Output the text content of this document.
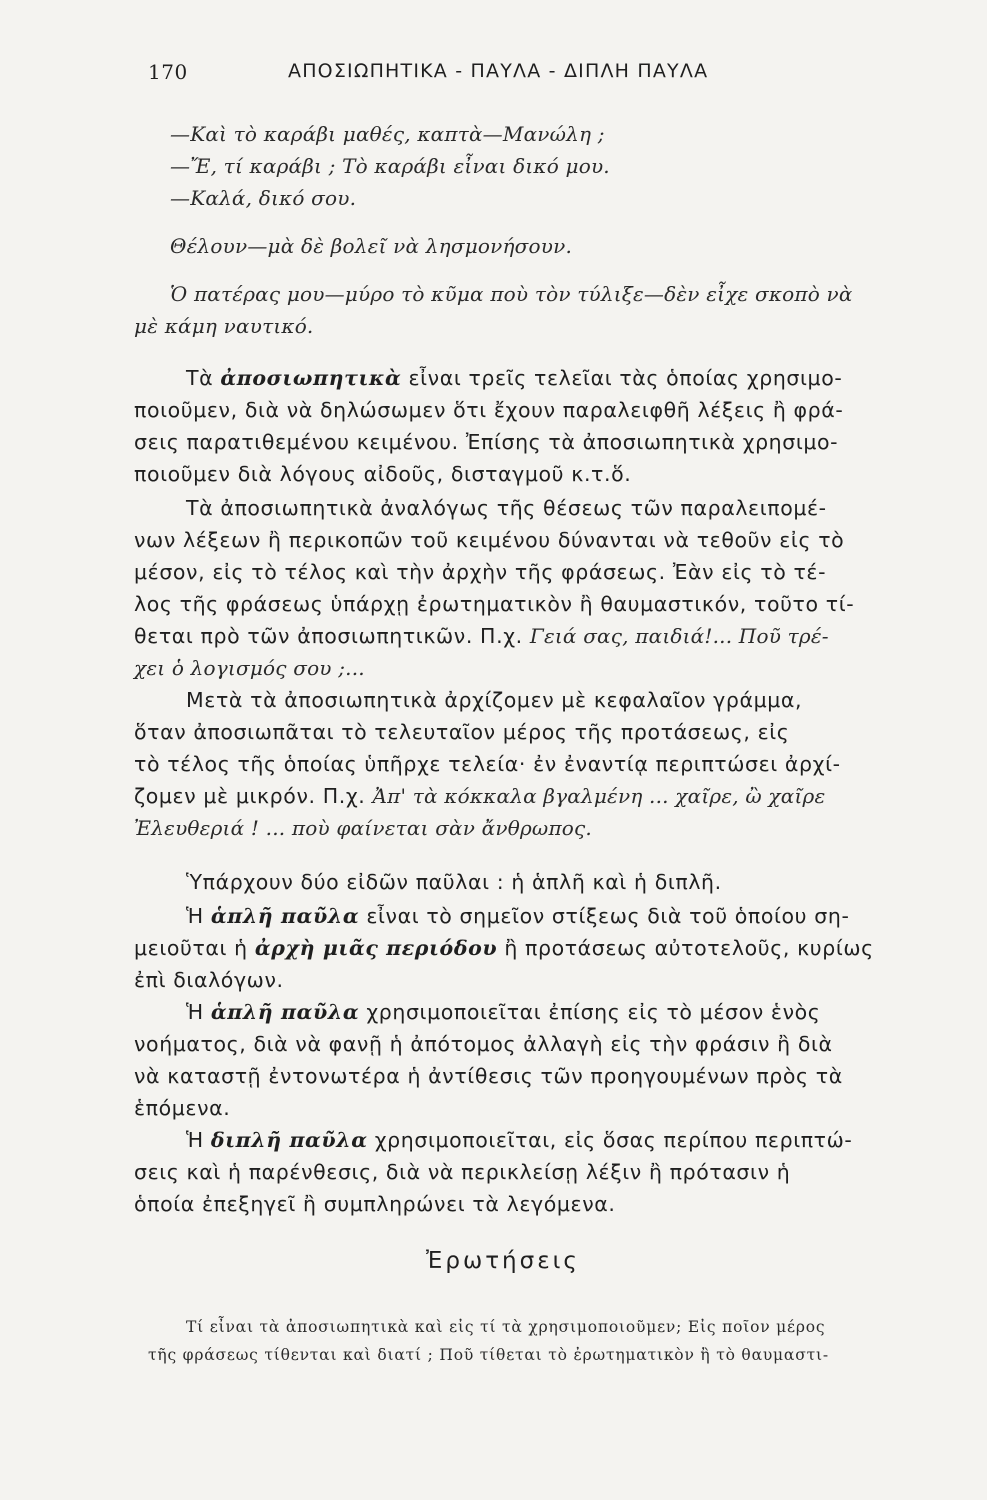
170	ΑΠΟΣΙΩΠΗΤΙΚΑ - ΠΑΥΛΑ - ΔΙΠΛΗ ΠΑΥΛΑ
—Καὶ τὸ καράβι μαθές, καπτὰ—Μανώλη ;
—Ἔ, τί καράβι ; Τὸ καράβι εἶναι δικό μου.
—Καλά, δικό σου.
Θέλουν—μὰ δὲ βολεῖ νὰ λησμονήσουν.
Ὁ πατέρας μου—μύρο τὸ κῦμα ποὺ τὸν τύλιξε—δὲν εἶχε σκοπὸ νὰ
μὲ κάμη ναυτικό.
Τὰ ἀποσιωπητικὰ εἶναι τρεῖς τελεῖαι τὰς ὁποίας χρησιμο-
ποιοῦμεν, διὰ νὰ δηλώσωμεν ὅτι ἔχουν παραλειφθῆ λέξεις ἢ φρά-
σεις παρατιθεμένου κειμένου. Ἐπίσης τὰ ἀποσιωπητικὰ χρησιμο-
ποιοῦμεν διὰ λόγους αἰδοῦς, δισταγμοῦ κ.τ.ὅ.
Τὰ ἀποσιωπητικὰ ἀναλόγως τῆς θέσεως τῶν παραλειπομέ-
νων λέξεων ἢ περικοπῶν τοῦ κειμένου δύνανται νὰ τεθοῦν εἰς τὸ
μέσον, εἰς τὸ τέλος καὶ τὴν ἀρχὴν τῆς φράσεως. Ἐὰν εἰς τὸ τέ-
λος τῆς φράσεως ὑπάρχῃ ἐρωτηματικὸν ἢ θαυμαστικόν, τοῦτο τί-
θεται πρὸ τῶν ἀποσιωπητικῶν. Π.χ. Γειά σας, παιδιά!... Ποῦ τρέ-
χει ὁ λογισμός σου ;...
Μετὰ τὰ ἀποσιωπητικὰ ἀρχίζομεν μὲ κεφαλαῖον γράμμα,
ὅταν ἀποσιωπᾶται τὸ τελευταῖον μέρος τῆς προτάσεως, εἰς
τὸ τέλος τῆς ὁποίας ὑπῆρχε τελεία· ἐν ἐναντίᾳ περιπτώσει ἀρχί-
ζομεν μὲ μικρόν. Π.χ. Ἀπ' τὰ κόκκαλα βγαλμένη ... χαῖρε, ὢ χαῖρε
Ἐλευθεριά ! ... ποὺ φαίνεται σὰν ἄνθρωπος.
Ὑπάρχουν δύο εἰδῶν παῦλαι : ἡ ἁπλῆ καὶ ἡ διπλῆ.
Ἡ ἁπλῆ παῦλα εἶναι τὸ σημεῖον στίξεως διὰ τοῦ ὁποίου ση-
μειοῦται ἡ ἀρχὴ μιᾶς περιόδου ἢ προτάσεως αὐτοτελοῦς, κυρίως
ἐπὶ διαλόγων.
Ἡ ἁπλῆ παῦλα χρησιμοποιεῖται ἐπίσης εἰς τὸ μέσον ἑνὸς
νοήματος, διὰ νὰ φανῇ ἡ ἀπότομος ἀλλαγὴ εἰς τὴν φράσιν ἢ διὰ
νὰ καταστῇ ἐντονωτέρα ἡ ἀντίθεσις τῶν προηγουμένων πρὸς τὰ
ἑπόμενα.
Ἡ διπλῆ παῦλα χρησιμοποιεῖται, εἰς ὅσας περίπου περιπτώ-
σεις καὶ ἡ παρένθεσις, διὰ νὰ περικλείσῃ λέξιν ἢ πρότασιν ἡ
ὁποία ἐπεξηγεῖ ἢ συμπληρώνει τὰ λεγόμενα.
Ἐρωτήσεις
Τί εἶναι τὰ ἀποσιωπητικὰ καὶ εἰς τί τὰ χρησιμοποιοῦμεν; Εἰς ποῖον μέρος
τῆς φράσεως τίθενται καὶ διατί ; Ποῦ τίθεται τὸ ἐρωτηματικὸν ἢ τὸ θαυμαστι-
